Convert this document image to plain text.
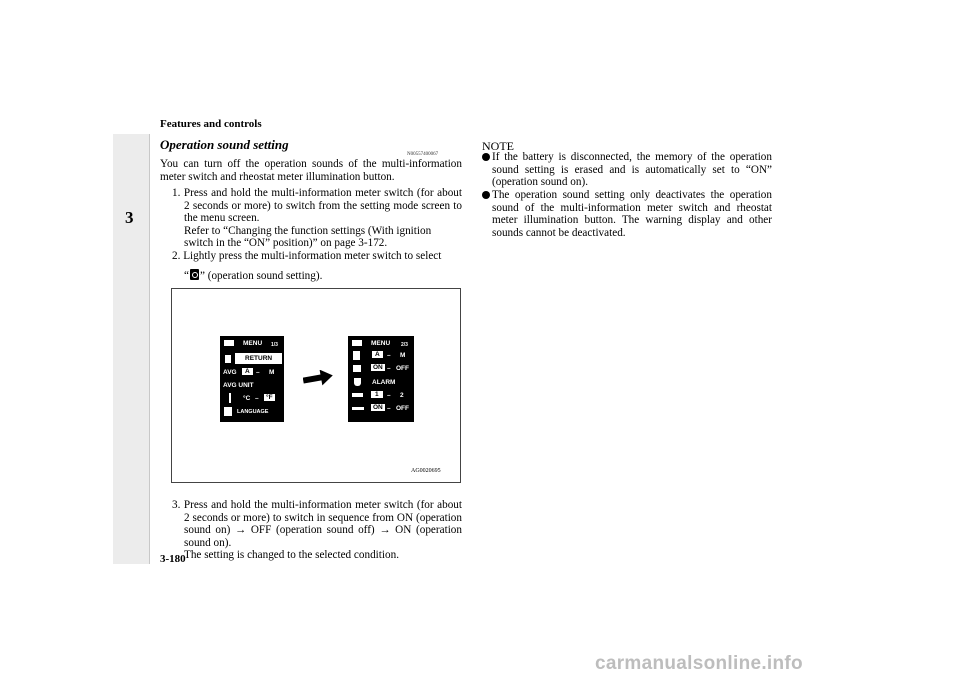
Features and controls
3
Operation sound setting
N00557400067
You can turn off the operation sounds of the multi-information meter switch and rheostat meter illumination button.
1. Press and hold the multi-information meter switch (for about 2 seconds or more) to switch from the setting mode screen to the menu screen.
Refer to “Changing the function settings (With ignition switch in the “ON” position)” on page 3-172.
2. Lightly press the multi-information meter switch to select
“ ” (operation sound setting).
MENU 1/3
RETURN
AVG	A – M
AVG UNIT
°C –	°F
LANGUAGE
MENU 2/3
A	– M
ON – OFF
ALARM
1	– 2
ON – OFF
AG0020695
3. Press and hold the multi-information meter switch (for about 2 seconds or more) to switch in sequence from ON (operation sound on) → OFF (operation sound off) → ON (operation sound on).
The setting is changed to the selected condition.
NOTE
If the battery is disconnected, the memory of the operation sound setting is erased and is automatically set to “ON” (operation sound on).
The operation sound setting only deactivates the operation sound of the multi-information meter switch and rheostat meter illumination button. The warning display and other sounds cannot be deactivated.
3-180
carmanualsonline.info
